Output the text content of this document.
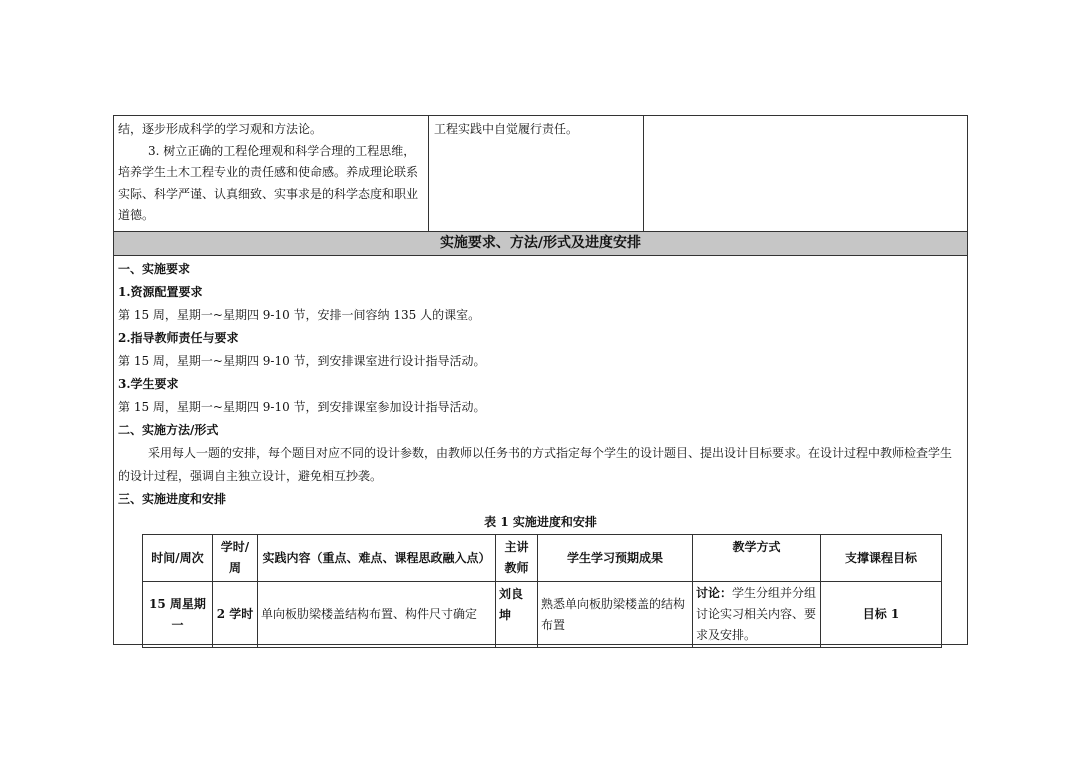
结，逐步形成科学的学习观和方法论。
3. 树立正确的工程伦理观和科学合理的工程思维，培养学生土木工程专业的责任感和使命感。养成理论联系实际、科学严谨、认真细致、实事求是的科学态度和职业道德。
工程实践中自觉履行责任。
实施要求、方法/形式及进度安排
一、实施要求
1.资源配置要求
第 15 周，星期一~星期四 9-10 节，安排一间容纳 135 人的课室。
2.指导教师责任与要求
第 15 周，星期一~星期四 9-10 节，到安排课室进行设计指导活动。
3.学生要求
第 15 周，星期一~星期四 9-10 节，到安排课室参加设计指导活动。
二、实施方法/形式
采用每人一题的安排，每个题目对应不同的设计参数，由教师以任务书的方式指定每个学生的设计题目、提出设计目标要求。在设计过程中教师检查学生的设计过程，强调自主独立设计，避免相互抄袭。
三、实施进度和安排
表 1 实施进度和安排
时间/周次	学时/周	实践内容（重点、难点、课程思政融入点）	主讲教师	学生学习预期成果	教学方式	支撑课程目标
15 周星期一	2 学时	单向板肋梁楼盖结构布置、构件尺寸确定	刘良坤	熟悉单向板肋梁楼盖的结构布置	讨论：学生分组并分组讨论实习相关内容、要求及安排。	目标 1
